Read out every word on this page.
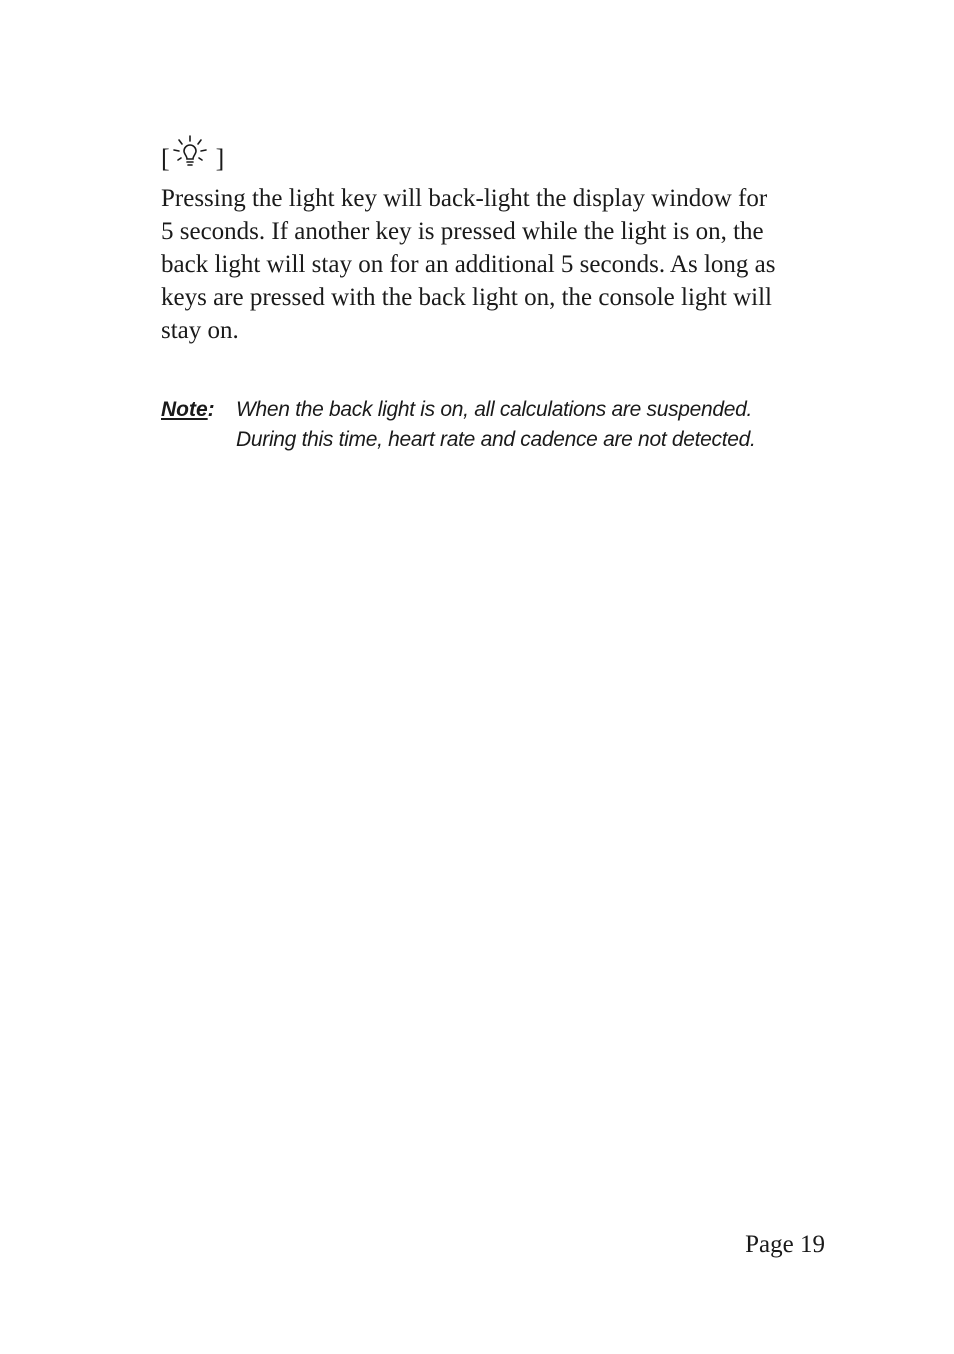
[ ]

Pressing the light key will back-light the display window for
5 seconds. If another key is pressed while the light is on, the
back light will stay on for an additional 5 seconds. As long as
keys are pressed with the back light on, the console light will
stay on.

Note:	When the back light is on, all calculations are suspended.
During this time, heart rate and cadence are not detected.
Page 19
